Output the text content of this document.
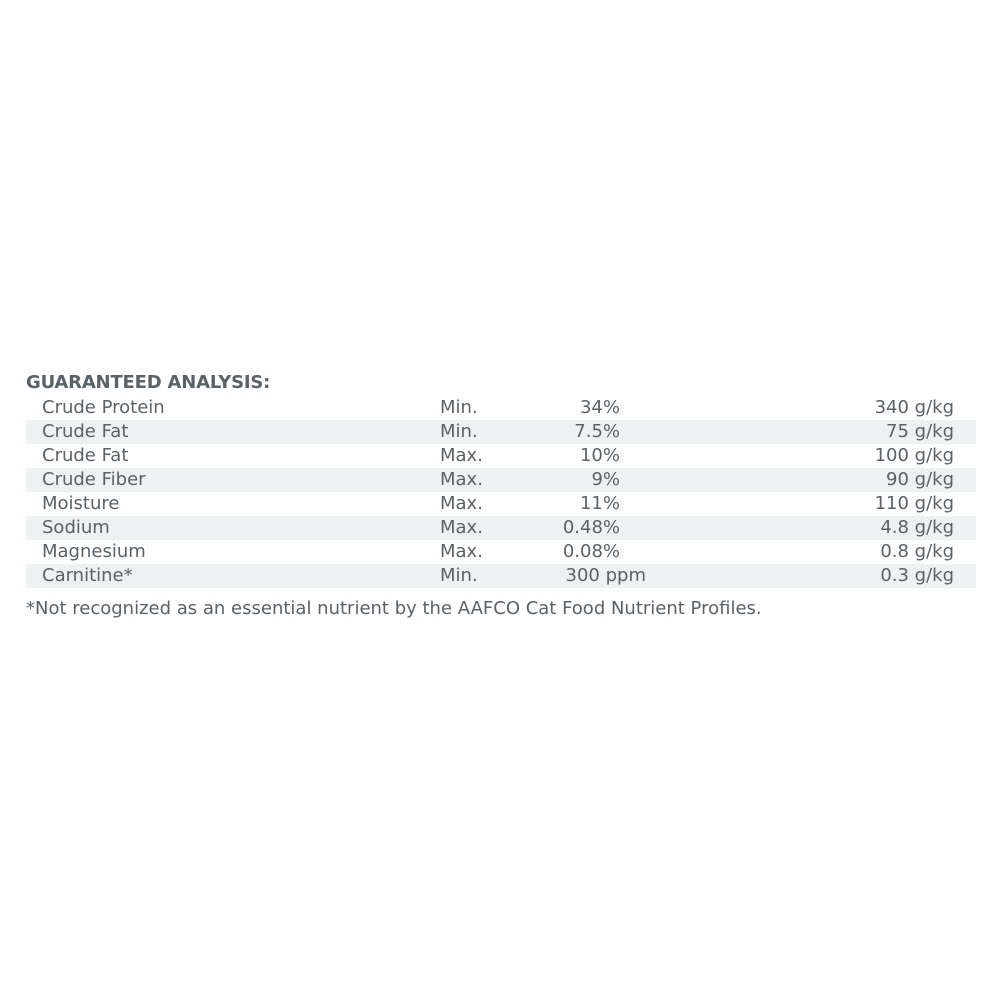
GUARANTEED ANALYSIS:
Crude Protein	Min.	34%	340 g/kg
Crude Fat	Min.	7.5%	75 g/kg
Crude Fat	Max.	10%	100 g/kg
Crude Fiber	Max.	9%	90 g/kg
Moisture	Max.	11%	110 g/kg
Sodium	Max.	0.48%	4.8 g/kg
Magnesium	Max.	0.08%	0.8 g/kg
Carnitine*	Min.	300 ppm	0.3 g/kg
*Not recognized as an essential nutrient by the AAFCO Cat Food Nutrient Profiles.
